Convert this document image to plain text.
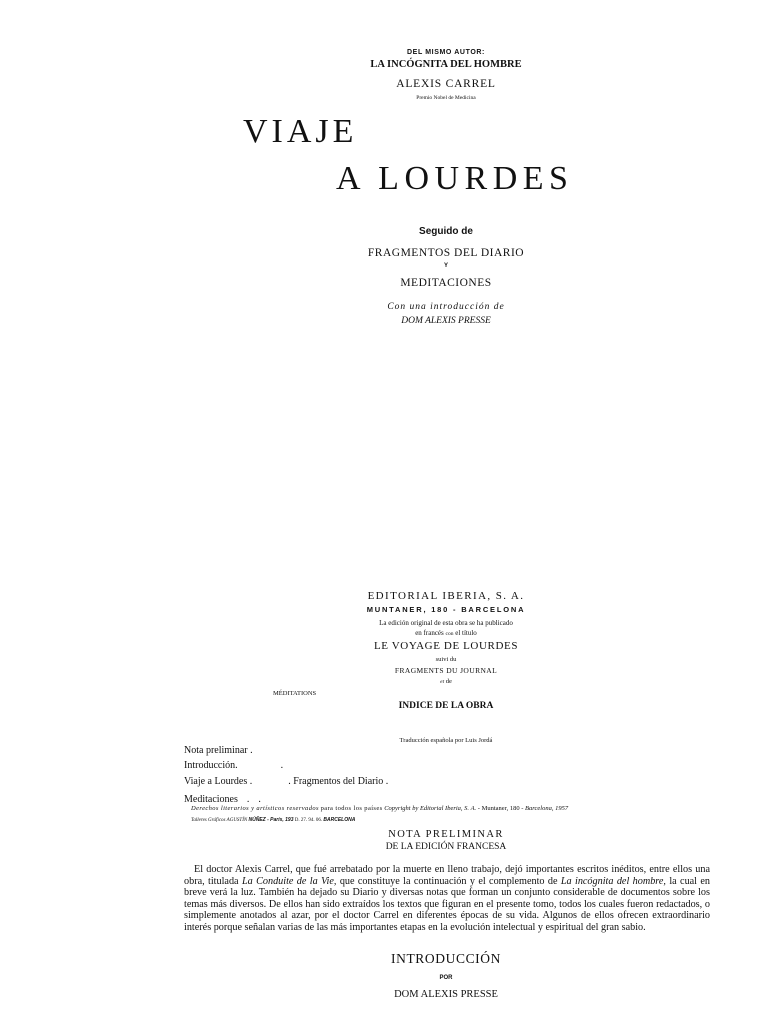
DEL MISMO AUTOR:
LA INCÓGNITA DEL HOMBRE
ALEXIS CARREL
Premio Nobel de Medicina
VIAJE
A LOURDES
Seguido de
FRAGMENTOS DEL DIARIO
Y
MEDITACIONES
Con una introducción de
DOM ALEXIS PRESSE
EDITORIAL IBERIA, S. A.
MUNTANER, 180 - BARCELONA
La edición original de esta obra se ha publicado
en francés con el título
LE VOYAGE DE LOURDES
suivi du
FRAGMENTS DU JOURNAL
et de
MÉDITATIONS
INDICE DE LA OBRA
Traducción española por Luis Jordá
Nota preliminar .
Introducción.	.
Viaje a Lourdes .	. Fragmentos del Diario .
Meditaciones . .
Derechos literarios y artísticos reservados para todos los países Copyright by Editorial Iberia, S. A. - Muntaner, 180 - Barcelona, 1957
Talleres Gráficos AGUSTÍN NÚÑEZ - París, 193 D. 27. 94. 06. BARCELONA
NOTA PRELIMINAR
DE LA EDICIÓN FRANCESA

El doctor Alexis Carrel, que fué arrebatado por la muerte en lleno trabajo, dejó importantes escritos inéditos, entre ellos una obra, titulada La Conduite de la Vie, que constituye la continuación y el complemento de La incógnita del hombre, la cual en breve verá la luz. También ha dejado su Diario y diversas notas que forman un conjunto considerable de documentos sobre los temas más diversos. De ellos han sido extraídos los textos que figuran en el presente tomo, todos los cuales fueron redactados, o simplemente anotados al azar, por el doctor Carrel en diferentes épocas de su vida. Algunos de ellos ofrecen extraordinario interés porque señalan varias de las más importantes etapas en la evolución intelectual y espiritual del gran sabio.

INTRODUCCIÓN
POR
DOM ALEXIS PRESSE
